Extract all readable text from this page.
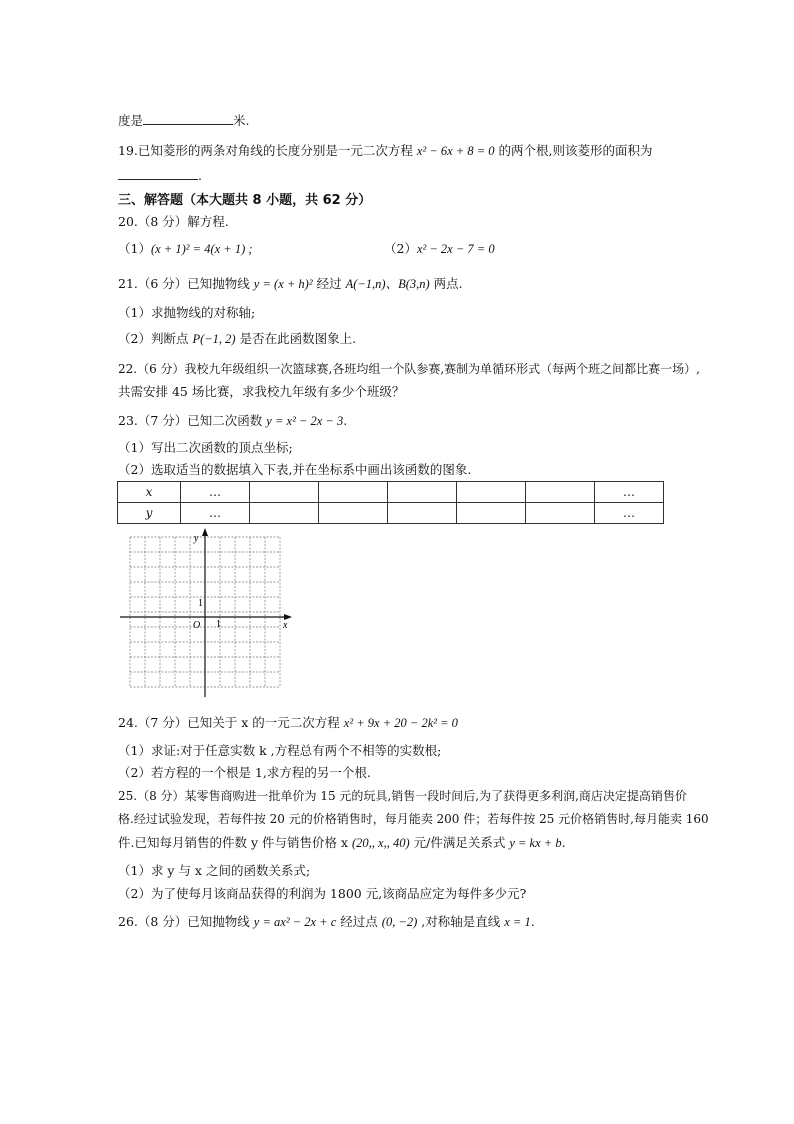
度是	米.
19.已知菱形的两条对角线的长度分别是一元二次方程 x² − 6x + 8 = 0 的两个根,则该菱形的面积为
.
三、解答题（本大题共 8 小题，共 62 分）
20.（8 分）解方程.
（1）(x + 1)² = 4(x + 1) ;	（2）x² − 2x − 7 = 0
21.（6 分）已知抛物线 y = (x + h)² 经过 A(−1,n)、B(3,n) 两点.
（1）求抛物线的对称轴;
（2）判断点 P(−1, 2) 是否在此函数图象上.
22.（6 分）我校九年级组织一次篮球赛,各班均组一个队参赛,赛制为单循环形式（每两个班之间都比赛一场）,
共需安排 45 场比赛，求我校九年级有多少个班级？
23.（7 分）已知二次函数 y = x² − 2x − 3.
（1）写出二次函数的顶点坐标;
（2）选取适当的数据填入下表,并在坐标系中画出该函数的图象.
x	…						…
y	…						…
y
x
O 1
1
24.（7 分）已知关于 x 的一元二次方程 x² + 9x + 20 − 2k² = 0
（1）求证:对于任意实数 k ,方程总有两个不相等的实数根;
（2）若方程的一个根是 1,求方程的另一个根.
25.（8 分）某零售商购进一批单价为 15 元的玩具,销售一段时间后,为了获得更多利润,商店决定提高销售价
格.经过试验发现，若每件按 20 元的价格销售时，每月能卖 200 件；若每件按 25 元价格销售时,每月能卖 160
件.已知每月销售的件数 y 件与销售价格 x (20,, x,, 40) 元/件满足关系式 y = kx + b.
（1）求 y 与 x 之间的函数关系式;
（2）为了使每月该商品获得的利润为 1800 元,该商品应定为每件多少元?
26.（8 分）已知抛物线 y = ax² − 2x + c 经过点 (0, −2) ,对称轴是直线 x = 1.
